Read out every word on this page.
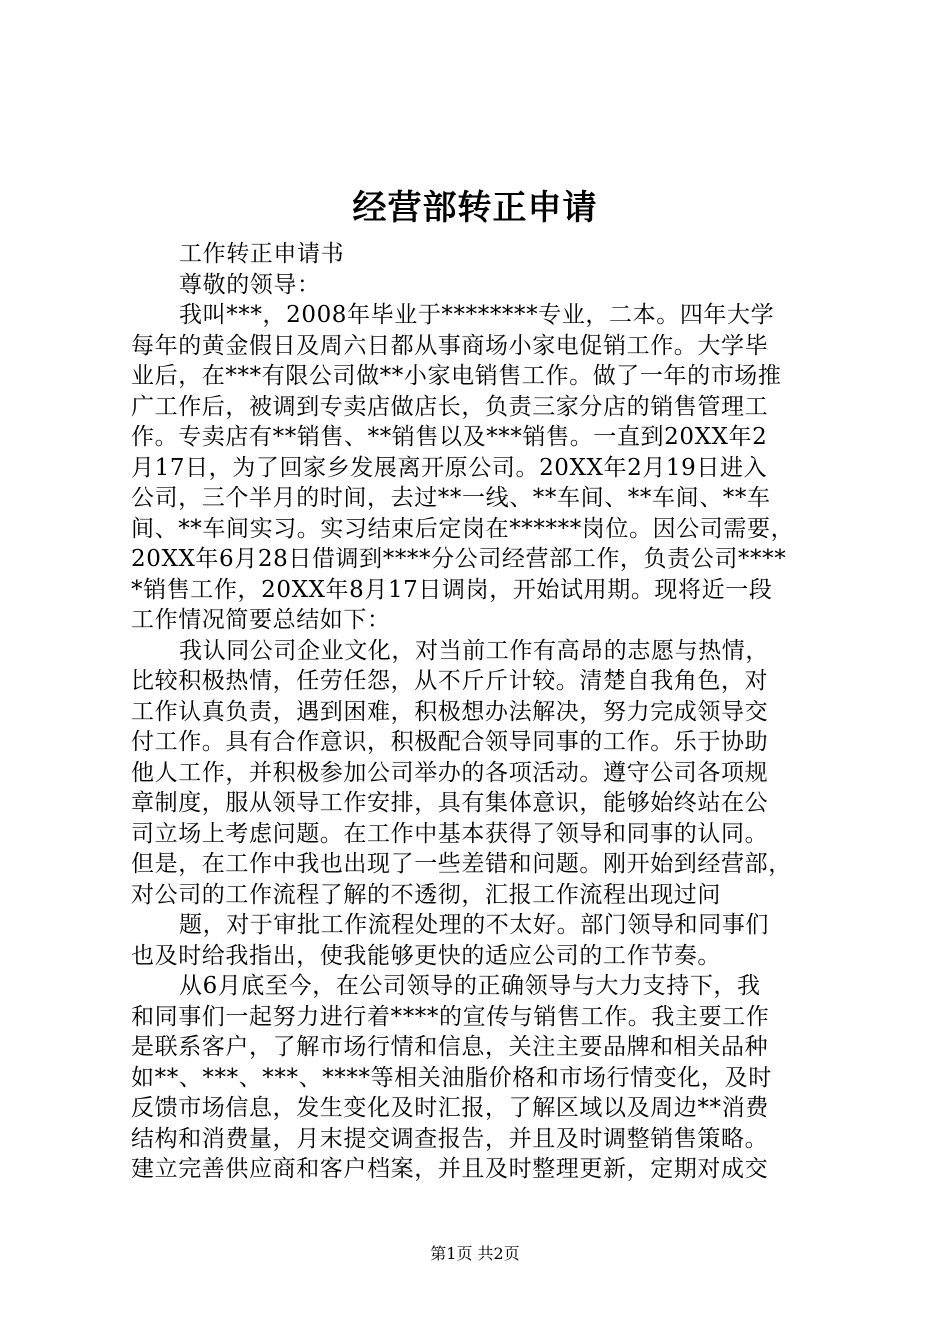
经营部转正申请
工作转正申请书
尊敬的领导：
我叫***，2008年毕业于********专业，二本。四年大学
每年的黄金假日及周六日都从事商场小家电促销工作。大学毕
业后，在***有限公司做**小家电销售工作。做了一年的市场推
广工作后，被调到专卖店做店长，负责三家分店的销售管理工
作。专卖店有**销售、**销售以及***销售。一直到20XX年2
月17日，为了回家乡发展离开原公司。20XX年2月19日进入
公司，三个半月的时间，去过**一线、**车间、**车间、**车
间、**车间实习。实习结束后定岗在******岗位。因公司需要，
20XX年6月28日借调到****分公司经营部工作，负责公司****
*销售工作，20XX年8月17日调岗，开始试用期。现将近一段
工作情况简要总结如下：
我认同公司企业文化，对当前工作有高昂的志愿与热情，
比较积极热情，任劳任怨，从不斤斤计较。清楚自我角色，对
工作认真负责，遇到困难，积极想办法解决，努力完成领导交
付工作。具有合作意识，积极配合领导同事的工作。乐于协助
他人工作，并积极参加公司举办的各项活动。遵守公司各项规
章制度，服从领导工作安排，具有集体意识，能够始终站在公
司立场上考虑问题。在工作中基本获得了领导和同事的认同。
但是，在工作中我也出现了一些差错和问题。刚开始到经营部，
对公司的工作流程了解的不透彻，汇报工作流程出现过问
题，对于审批工作流程处理的不太好。部门领导和同事们
也及时给我指出，使我能够更快的适应公司的工作节奏。
从6月底至今，在公司领导的正确领导与大力支持下，我
和同事们一起努力进行着****的宣传与销售工作。我主要工作
是联系客户，了解市场行情和信息，关注主要品牌和相关品种
如**、***、***、****等相关油脂价格和市场行情变化，及时
反馈市场信息，发生变化及时汇报，了解区域以及周边**消费
结构和消费量，月末提交调查报告，并且及时调整销售策略。
建立完善供应商和客户档案，并且及时整理更新，定期对成交
第1页 共2页
